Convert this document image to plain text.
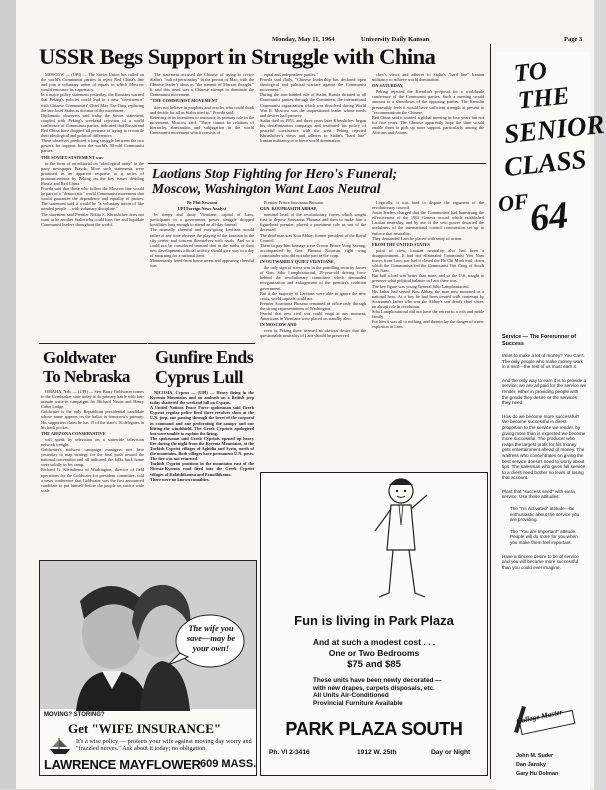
Monday, May 11, 1964	University Daily Kansan	Page 3
USSR Begs Support in Struggle with China

MOSCOW — (UPI) — The Soviet Union has called on the world's Communist parties to reject Red China's line and join a voluntary union of equals in which Moscow would renounce its supremacy.
In a major policy statement yesterday, the Russians warned that Peking's policies could lead to a new "coexistence" with Chinese Communists' Chiel Mao Tze-Tung replacing the late Josef Stalin as dictator of the movement.
Diplomatic observers said today the Soviet statement, coupled with Peking's weekend rejection of a world conference of Communist parties, indicated that Russia and Red China have dropped all pretense of trying to reconcile their ideological and political differences.
These observers predicted a long struggle between the two powers for support from the world's 90-odd Communist parties.

THE SOVIET STATEMENT was

in the form of an editorial on "ideological unity" in the party newspaper Pravda. More such statements were promised in an apparent response to a series of pronouncements by Peking on the key issues dividing Russia and Red China.
Pravda said that those who follow the Moscow line would be part of a "democratic" world Communist movement that would guarantee the dependence and equality of parties. The statement said it would be "a voluntary union of like minded people ... with voluntary discipline."
The statement said Premier Nikita S. Khrushchev does not want to be another Stalin who could hire, fire and liquidate Communist leaders throughout the world.

The statement accused the Chinese of trying to revive Stalin's "cult of personality" in the person of Mao, with the Chinese leader's ideas as "the summit of Marxist thought." It said this trend was a Chinese attempt to dominate the Communist movement.

"THE COMMUNIST MOVEMENT

does not believe in prophets and oracles who could think and decide for all as Stalin tried to," Pravda said.
Referring to its intentions to renounce its primary role in the movement, Moscow said, "There cannot be relations of hierarchy, domination and subjugation in the world Communist movement which consists of

equal and independent parties."
Pravda said flatly, "Chinese leadership has declared open ideological and political warfare against the Communist movement."
During the iron-handed rule of Stalin, Russia dictated to all Communist parties through the Comintern, the international Communist organization which was dissolved during World War II. Moscow was the unquestioned leader whose needs and desires had primacy.
Stalin died in 1953, and three years later Khrushchev began his destalinization campaign and instituted his policy of peaceful coexistence with the west. Peking rejected Khrushchev's views and adheres to Stalin's "hard line" Iranian militancy to achieve world domination.

chev's views and adheres to Stalin's "hard line" Iranian militancy to achieve world domination.

ON SATURDAY,

Peking rejected the Kremlin's proposal for a worldwide conference of the Communist parties. Such a meeting would amount to a showdown of the opposing parties. The Kremlin presumably feels it would have sufficient strength at present to "excommunicate the Chinese.
Red China said it wanted a global meeting in four years but not for five years. The Chinese apparently hope the time would enable them to pick up more support, particularly among the Africans and Asians.

Laotians Stop Fighting for Hero's Funeral;
Moscow, Washington Want Laos Neutral

By Phil Newsom

UPI Foreign News Analyst

In sleepy and dusty Vientiane, capital of Laos, participants in a government power struggle dropped hostilities long enough to attend an all-day funeral.
The normally cheerful and easy-going Laotians would rather at any time observe the playing of the fountain in the city center and concern themselves with rivals. And so it could not be considered unusual that in the midst of their new developments official activity should give way to a day of mourning for a national hero.
Momentarily freed from house arrest and appearing cheerful was

Premier Prince Souvanna Phouma.

GEN. KOUPRASITH ABHAY,

nominal head of the revolutionary forces which sought first to depose Souvanna Phouma and then to make him a figurehead premier, played a prominent role as son of the deceased.
The dead man was Kou Abhay, former president of the Royal Council.
There to pay him homage were Crown Prince Vong Savang, accompanied by Gen. Phoumi Nosavan, right wing commander who did not take part in the coup.

IN OUTWARDLY QUIET VIENTIANE,

the only sign of stress was in the patrolling security forces of Gen. Siho Lamphoutacoul, 29-year-old driving force behind the revolutionary committee which demanded reorganization and enlargement of the premier's coalition government.
But if the majority of Laotians were able to ignore the new crisis, world capitals could not.
Premier Souvanna Phouma remained in office only through the strong representations of Washington.
Fearful that new civil war could erupt at any moment, Americans in Vientiane were placed on standby alert.

IN MOSCOW AND

even in Peking there seemed an obvious desire that the questionable neutrality of Laos should be preserved.

Logically, it was hard to dispute the argument of the revolutionary council.
Justia leaders charged that the Communists had hamstrung the effectiveness of the 1962 Geneva accord which established Laotian neutrality, and by use of the veto power thwarted the usefulness of the international control commission set up to enforce that neutrality.
They demanded Laos be placed with unity of action.

FROM THE UNITED STATES

point of view, Laotian neutrality also had been a disappointment. It had not eliminated Communist Viet Nam forces from Laos, nor had it closed the Ho Chi Minh trail, down which the Communists fed the Communist Viet Cong of South Viet Nam.
But half a loaf was better than none, and so the U.S. sought to preserve what political balance in Laos there was.
The key figure was young General Siho Lamphoutacoul.
His father had served Kou Abhay, the man now mourned as a national hero. As a boy he had been treated with contempt by Souvanna's father who was the Abhay's son dead's chief sister, an abrupt role in revolution.
Siho Lamphoutacoul did not have the retreat to a rich and noble family.
For him it was all or nothing, and therein lay the danger of a new explosion in Laos.

Goldwater
To Nebraska

OMAHA, Neb. — (UPI) — Sen. Barry Goldwater comes to the Cornhusker state today to do primary battle with last-minute write-in campaigns for Richard Nixon and Henry Cabot Lodge.
Goldwater is the only Republican presidential candidate whose name appears on the ballot in tomorrow's primary. His supporters claim he has 15 of the state's 16 delegates in his back pocket.

THE ARIZONA CONSERVATIVE

will speak by television on a statewide television network tonight.
Goldwater's midwest campaign managers met here yesterday to map strategy for the final push toward the national convention and all indicated the folks back home were solidly in his camp.
Richard G. Kleindienst of Washington, director of field operations for the Goldwater for president committee, told a news conference that Goldwater was the first announced candidate to put himself before the people on such a wide scale.

Gunfire Ends
Cyprus Lull

NICOSIA, Cyprus — (UPI) — Heavy firing in the Kyrenia Mountains and an ambush on a British jeep today shattered the weekend lull on Cyprus.
A United Nations Peace Force spokesman said Greek Cypriot regular police fired three revolver shots at the U.N. jeep, one passing through the beret of the corporal in command and one perforating the canopy and one hitting the windshield. The Greek Cypriots apologized but were unable to explain the firing.
The spokesman said Greek Cypriots opened up heavy fire during the night from the Kyrenia Mountains, at the Turkish Cypriot villages of Aghidia and Syrin, north of the mountains. Both villages have permanent U.N. posts. The fire was not returned.
Turkish Cypriot positions in the mountains east of the Nicosia-Kyrenia road fired into the Greek Cypriot villages of Kalaithikouna and Panodhikomo.
There were no known casualties.

The wife you save—may be your own!
MOVING? STORING?
Get "WIFE INSURANCE"
It's a wise policy — protects your wife against moving day worry and "frazzled nerves." Ask about it today; no obligation.
LAWRENCE MAYFLOWER 609 MASS.
Fun is living in Park Plaza
And at such a modest cost . . .
One or Two Bedrooms
$75 and $85
These units have been newly decorated — with new drapes, carpets disposals, etc.
All Units Air-Conditioned
Provincial Furniture Available
PARK PLAZA SOUTH
Ph. VI 2-3416	1912 W. 25th	Day or Night
TO
THE
SENIOR
CLASS
OF
64
Service — The Forerunner of Success
Want to make a lot of money? You Can't. The only people who make money work in a mint—the rest of us must earn it.
And the only way to earn it is to provide a service; we are all paid for the service we render, either in providing people with the goods they desire or the services they need.
How do we become more successful? We become successful in direct proportion to the service we render, by giving more than is expected we become more successful. The producer who reaps the largest profit for his money gets entertainment ahead of money. The waitress who concentrates on giving the best service doesn't need to worry about tips. The salesman who gives full service to a client need bother no fears of losing that account.
Plant that "success seed" with extra service. Use these attitudes:
The "I'm Activated" attitude—be enthusiastic about the service you are providing.
The "You are Important" attitude. People will do more for you when you make them feel important.
Have a sincere desire to be of service and you will become more successful than you could ever imagine.
College Master
John M. Suder
Dan Jansky
Gary Hu Dolman
